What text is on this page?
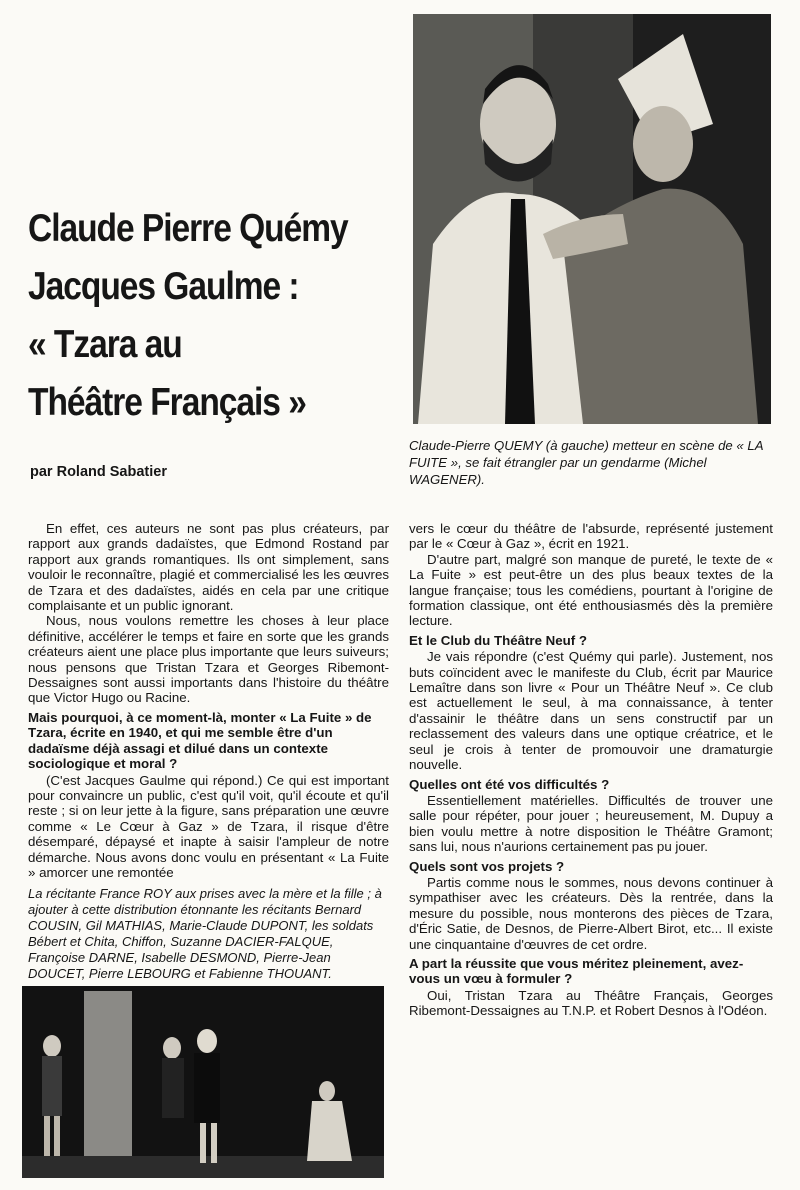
Claude Pierre Quémy
Jacques Gaulme :
« Tzara au
Théâtre Français »
par Roland Sabatier
Claude-Pierre QUEMY (à gauche) metteur en scène de « LA FUITE », se fait étrangler par un gendarme (Michel WAGENER).

En effet, ces auteurs ne sont pas plus créateurs, par rapport aux grands dadaïstes, que Edmond Rostand par rapport aux grands romantiques. Ils ont simplement, sans vouloir le reconnaître, plagié et commercialisé les les œuvres de Tzara et des dadaïstes, aidés en cela par une critique complaisante et un public ignorant.

Nous, nous voulons remettre les choses à leur place définitive, accélérer le temps et faire en sorte que les grands créateurs aient une place plus importante que leurs suiveurs; nous pensons que Tristan Tzara et Georges Ribemont-Dessaignes sont aussi importants dans l'histoire du théâtre que Victor Hugo ou Racine.

Mais pourquoi, à ce moment-là, monter « La Fuite » de Tzara, écrite en 1940, et qui me semble être d'un dadaïsme déjà assagi et dilué dans un contexte sociologique et moral ?

(C'est Jacques Gaulme qui répond.) Ce qui est important pour convaincre un public, c'est qu'il voit, qu'il écoute et qu'il reste ; si on leur jette à la figure, sans préparation une œuvre comme « Le Cœur à Gaz » de Tzara, il risque d'être désemparé, dépaysé et inapte à saisir l'ampleur de notre démarche. Nous avons donc voulu en présentant « La Fuite » amorcer une remontée

La récitante France ROY aux prises avec la mère et la fille ; à ajouter à cette distribution étonnante les récitants Bernard COUSIN, Gil MATHIAS, Marie-Claude DUPONT, les soldats Bébert et Chita, Chiffon, Suzanne DACIER-FALQUE, Françoise DARNE, Isabelle DESMOND, Pierre-Jean DOUCET, Pierre LEBOURG et Fabienne THOUANT.

vers le cœur du théâtre de l'absurde, représenté justement par le « Cœur à Gaz », écrit en 1921.

D'autre part, malgré son manque de pureté, le texte de « La Fuite » est peut-être un des plus beaux textes de la langue française; tous les comédiens, pourtant à l'origine de formation classique, ont été enthousiasmés dès la première lecture.

Et le Club du Théâtre Neuf ?

Je vais répondre (c'est Quémy qui parle). Justement, nos buts coïncident avec le manifeste du Club, écrit par Maurice Lemaître dans son livre « Pour un Théâtre Neuf ». Ce club est actuellement le seul, à ma connaissance, à tenter d'assainir le théâtre dans un sens constructif par un reclassement des valeurs dans une optique créatrice, et le seul je crois à tenter de promouvoir une dramaturgie nouvelle.

Quelles ont été vos difficultés ?

Essentiellement matérielles. Difficultés de trouver une salle pour répéter, pour jouer ; heureusement, M. Dupuy a bien voulu mettre à notre disposition le Théâtre Gramont; sans lui, nous n'aurions certainement pas pu jouer.

Quels sont vos projets ?

Partis comme nous le sommes, nous devons continuer à sympathiser avec les créateurs. Dès la rentrée, dans la mesure du possible, nous monterons des pièces de Tzara, d'Éric Satie, de Desnos, de Pierre-Albert Birot, etc... Il existe une cinquantaine d'œuvres de cet ordre.

A part la réussite que vous méritez pleinement, avez-vous un vœu à formuler ?

Oui, Tristan Tzara au Théâtre Français, Georges Ribemont-Dessaignes au T.N.P. et Robert Desnos à l'Odéon.
